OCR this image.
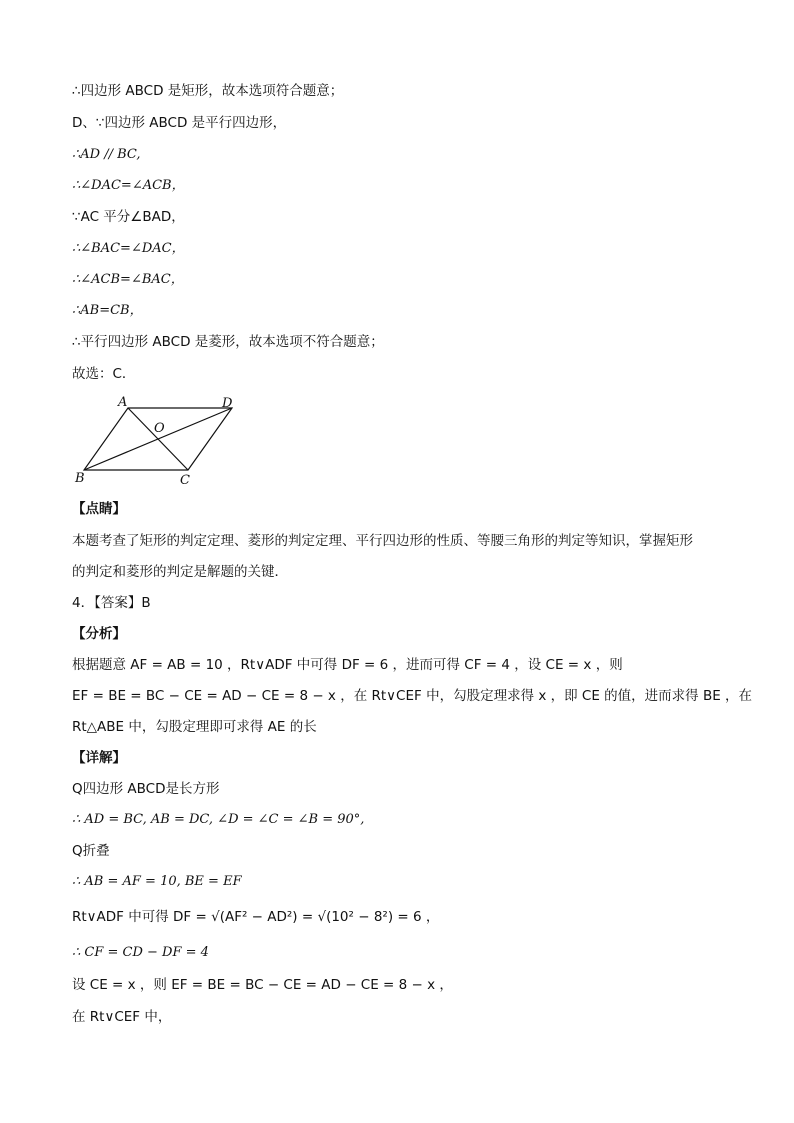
∴四边形 ABCD 是矩形，故本选项符合题意；
D、∵四边形 ABCD 是平行四边形，
∴AD // BC,
∴∠DAC=∠ACB，
∵AC 平分∠BAD，
∴∠BAC=∠DAC，
∴∠ACB=∠BAC，
∴AB=CB，
∴平行四边形 ABCD 是菱形，故本选项不符合题意；
故选：C．
A	D
O
B	C
【点睛】
本题考查了矩形的判定定理、菱形的判定定理、平行四边形的性质、等腰三角形的判定等知识，掌握矩形
的判定和菱形的判定是解题的关键．
4．【答案】B
【分析】
根据题意 AF = AB = 10 ，Rt∨ADF 中可得 DF = 6 ，进而可得 CF = 4 ，设 CE = x ，则
EF = BE = BC − CE = AD − CE = 8 − x ，在 Rt∨CEF 中，勾股定理求得 x ，即 CE 的值，进而求得 BE ，在
Rt△ABE 中，勾股定理即可求得 AE 的长
【详解】
Q四边形 ABCD是长方形
∴ AD = BC, AB = DC, ∠D = ∠C = ∠B = 90°,
Q折叠
∴ AB = AF = 10, BE = EF
Rt∨ADF 中可得 DF = √(AF² − AD²) = √(10² − 8²) = 6 ，
∴ CF = CD − DF = 4
设 CE = x ，则 EF = BE = BC − CE = AD − CE = 8 − x ，
在 Rt∨CEF 中，
